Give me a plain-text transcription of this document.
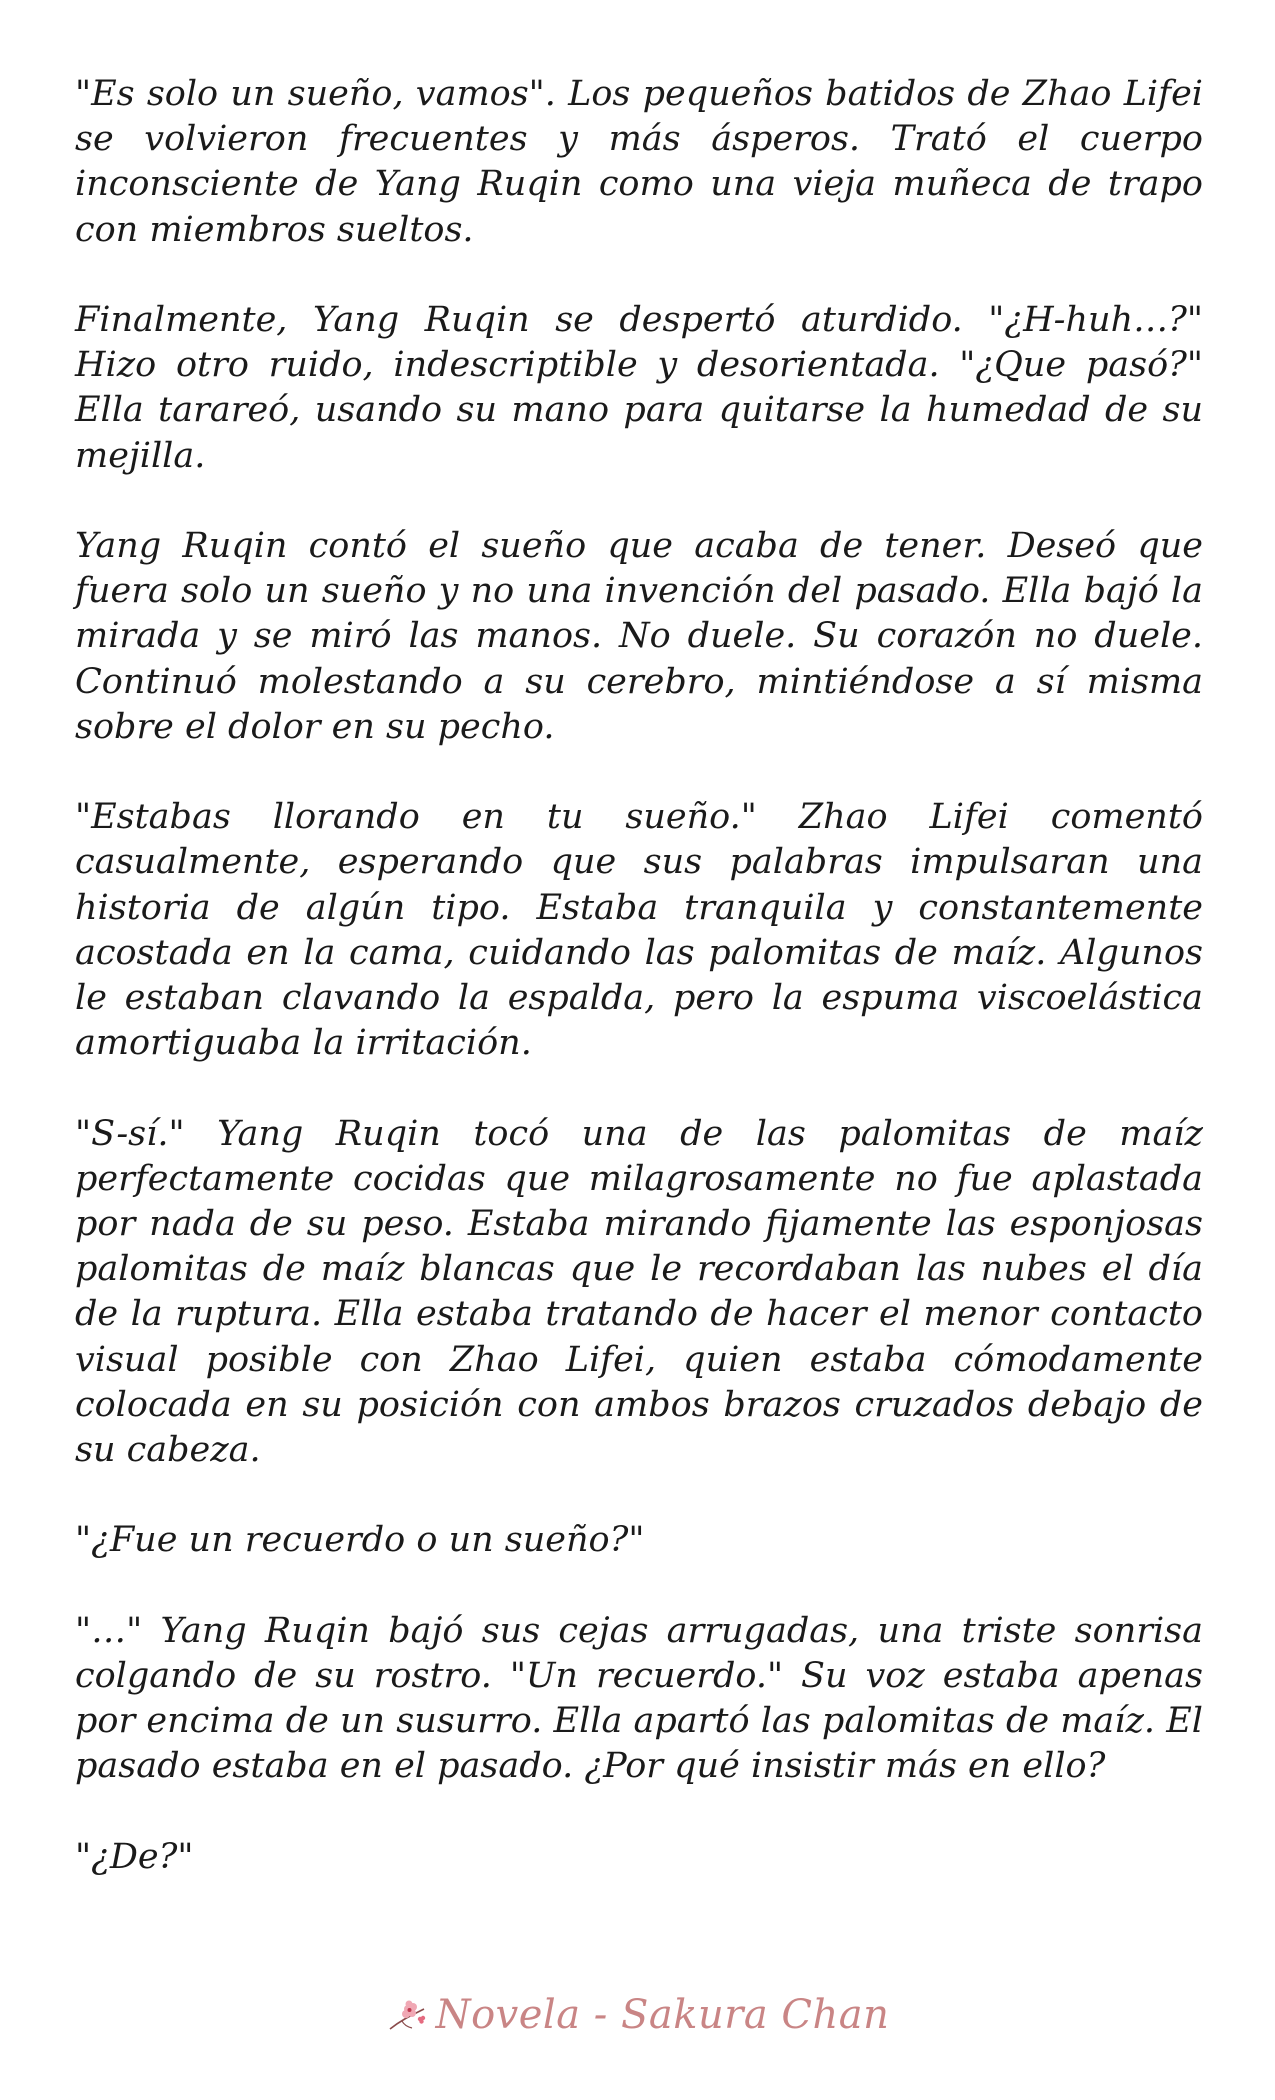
"Es solo un sueño, vamos". Los pequeños batidos de Zhao Lifei se volvieron frecuentes y más ásperos. Trató el cuerpo inconsciente de Yang Ruqin como una vieja muñeca de trapo con miembros sueltos.

Finalmente, Yang Ruqin se despertó aturdido. "¿H-huh…?" Hizo otro ruido, indescriptible y desorientada. "¿Que pasó?" Ella tarareó, usando su mano para quitarse la humedad de su mejilla.

Yang Ruqin contó el sueño que acaba de tener. Deseó que fuera solo un sueño y no una invención del pasado. Ella bajó la mirada y se miró las manos. No duele. Su corazón no duele. Continuó molestando a su cerebro, mintiéndose a sí misma sobre el dolor en su pecho.

"Estabas llorando en tu sueño." Zhao Lifei comentó casualmente, esperando que sus palabras impulsaran una historia de algún tipo. Estaba tranquila y constantemente acostada en la cama, cuidando las palomitas de maíz. Algunos le estaban clavando la espalda, pero la espuma viscoelástica amortiguaba la irritación.

"S-sí." Yang Ruqin tocó una de las palomitas de maíz perfectamente cocidas que milagrosamente no fue aplastada por nada de su peso. Estaba mirando fijamente las esponjosas palomitas de maíz blancas que le recordaban las nubes el día de la ruptura. Ella estaba tratando de hacer el menor contacto visual posible con Zhao Lifei, quien estaba cómodamente colocada en su posición con ambos brazos cruzados debajo de su cabeza.

"¿Fue un recuerdo o un sueño?"

"…" Yang Ruqin bajó sus cejas arrugadas, una triste sonrisa colgando de su rostro. "Un recuerdo." Su voz estaba apenas por encima de un susurro. Ella apartó las palomitas de maíz. El pasado estaba en el pasado. ¿Por qué insistir más en ello?

"¿De?"

Novela - Sakura Chan
